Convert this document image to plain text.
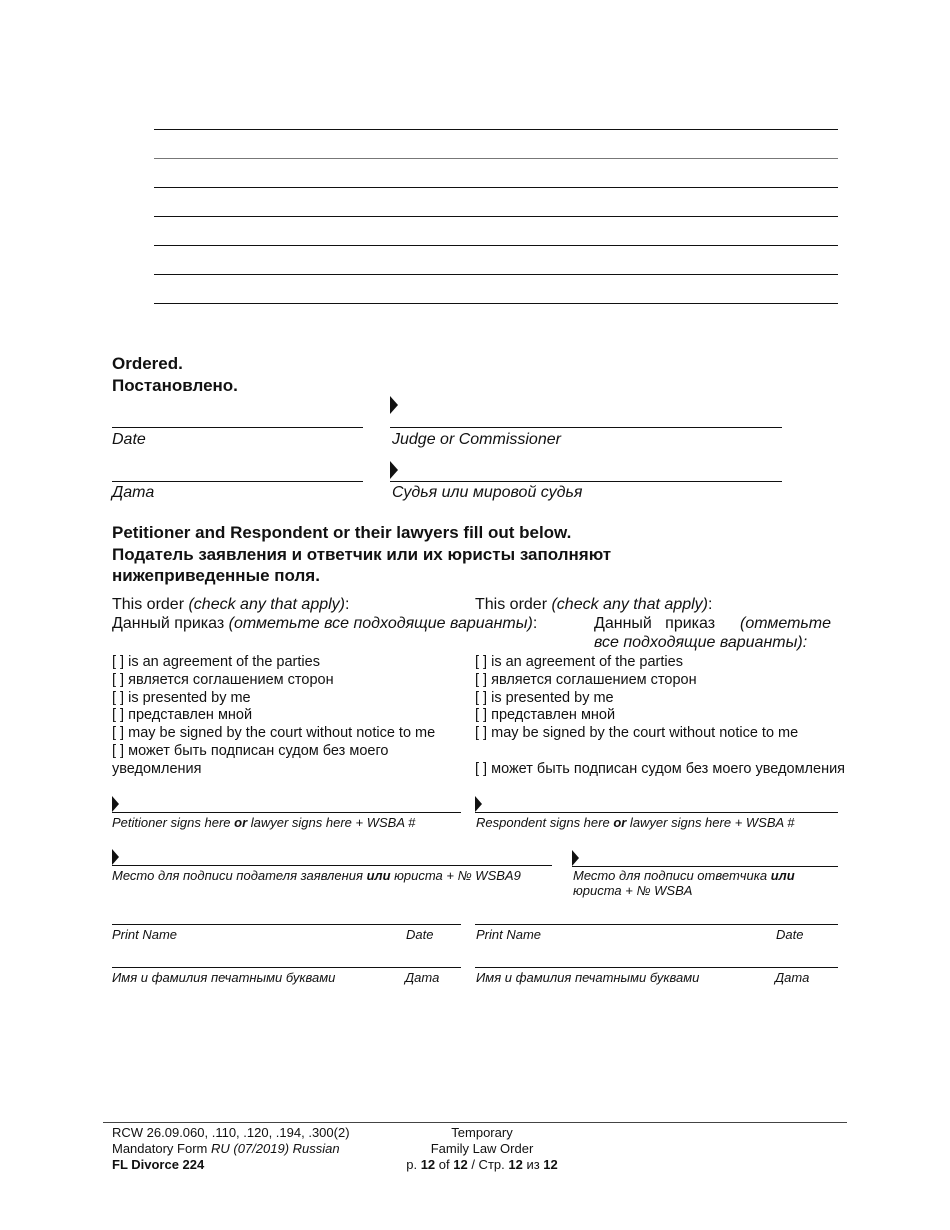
Ordered.
Постановлено.
Date	Judge or Commissioner
Дата	Судья или мировой судья
Petitioner and Respondent or their lawyers fill out below.
Податель заявления и ответчик или их юристы заполняют
нижеприведенные поля.
This order (check any that apply):
Данный приказ (отметьте все подходящие варианты):
[ ] is an agreement of the parties
[ ] является соглашением сторон
[ ] is presented by me
[ ] представлен мной
[ ] may be signed by the court without notice to me
[ ] может быть подписан судом без моего
уведомления
This order (check any that apply):
Данный   приказ (отметьте
все подходящие варианты):
[ ] is an agreement of the parties
[ ] является соглашением сторон
[ ] is presented by me
[ ] представлен мной
[ ] may be signed by the court without notice to me
[ ] может быть подписан судом без моего уведомления
Petitioner signs here or lawyer signs here + WSBA #	Respondent signs here or lawyer signs here + WSBA #
Место для подписи подателя заявления или юриста + № WSBA9	Место для подписи ответчика или
юриста + № WSBA
Print Name	Date	Print Name	Date
Имя и фамилия печатными буквами	Дата	Имя и фамилия печатными буквами	Дата
RCW 26.09.060, .110, .120, .194, .300(2)
Mandatory Form RU (07/2019) Russian
FL Divorce 224
Temporary
Family Law Order
p. 12 of 12 / Стр. 12 из 12
